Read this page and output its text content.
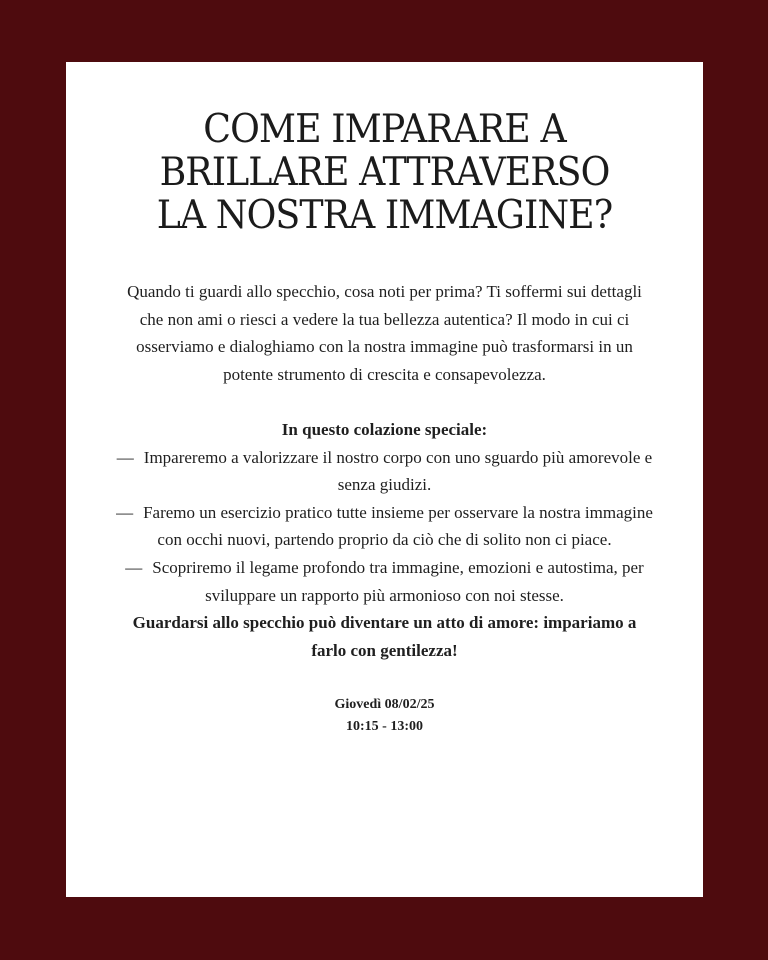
COME IMPARARE A
BRILLARE ATTRAVERSO
LA NOSTRA IMMAGINE?

Quando ti guardi allo specchio, cosa noti per prima? Ti soffermi sui dettagli che non ami o riesci a vedere la tua bellezza autentica? Il modo in cui ci osserviamo e dialoghiamo con la nostra immagine può trasformarsi in un potente strumento di crescita e consapevolezza.

In questo colazione speciale:

— Impareremo a valorizzare il nostro corpo con uno sguardo più amorevole e senza giudizi.

— Faremo un esercizio pratico tutte insieme per osservare la nostra immagine con occhi nuovi, partendo proprio da ciò che di solito non ci piace.

— Scopriremo il legame profondo tra immagine, emozioni e autostima, per sviluppare un rapporto più armonioso con noi stesse.

Guardarsi allo specchio può diventare un atto di amore: impariamo a farlo con gentilezza!

Giovedì 08/02/25
10:15 - 13:00
